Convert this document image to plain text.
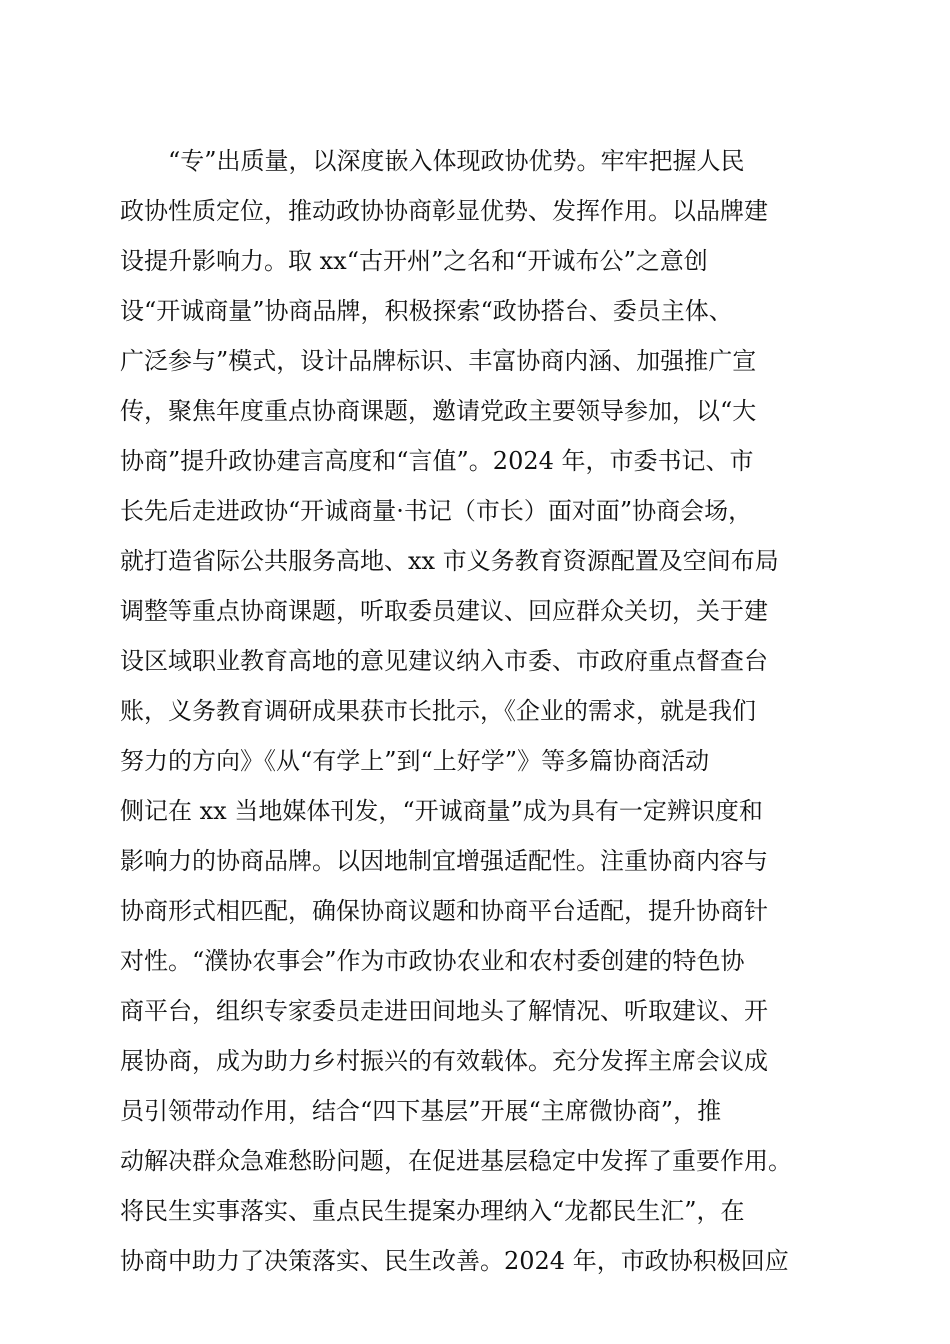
“专”出质量，以深度嵌入体现政协优势。牢牢把握人民
政协性质定位，推动政协协商彰显优势、发挥作用。以品牌建
设提升影响力。取 xx“古开州”之名和“开诚布公”之意创
设“开诚商量”协商品牌，积极探索“政协搭台、委员主体、
广泛参与”模式，设计品牌标识、丰富协商内涵、加强推广宣
传，聚焦年度重点协商课题，邀请党政主要领导参加，以“大
协商”提升政协建言高度和“言值”。2024 年，市委书记、市
长先后走进政协“开诚商量·书记（市长）面对面”协商会场，
就打造省际公共服务高地、xx 市义务教育资源配置及空间布局
调整等重点协商课题，听取委员建议、回应群众关切，关于建
设区域职业教育高地的意见建议纳入市委、市政府重点督查台
账，义务教育调研成果获市长批示，《企业的需求，就是我们
努力的方向》《从“有学上”到“上好学”》等多篇协商活动
侧记在 xx 当地媒体刊发，“开诚商量”成为具有一定辨识度和
影响力的协商品牌。以因地制宜增强适配性。注重协商内容与
协商形式相匹配，确保协商议题和协商平台适配，提升协商针
对性。“濮协农事会”作为市政协农业和农村委创建的特色协
商平台，组织专家委员走进田间地头了解情况、听取建议、开
展协商，成为助力乡村振兴的有效载体。充分发挥主席会议成
员引领带动作用，结合“四下基层”开展“主席微协商”，推
动解决群众急难愁盼问题，在促进基层稳定中发挥了重要作用。
将民生实事落实、重点民生提案办理纳入“龙都民生汇”，在
协商中助力了决策落实、民生改善。2024 年，市政协积极回应
